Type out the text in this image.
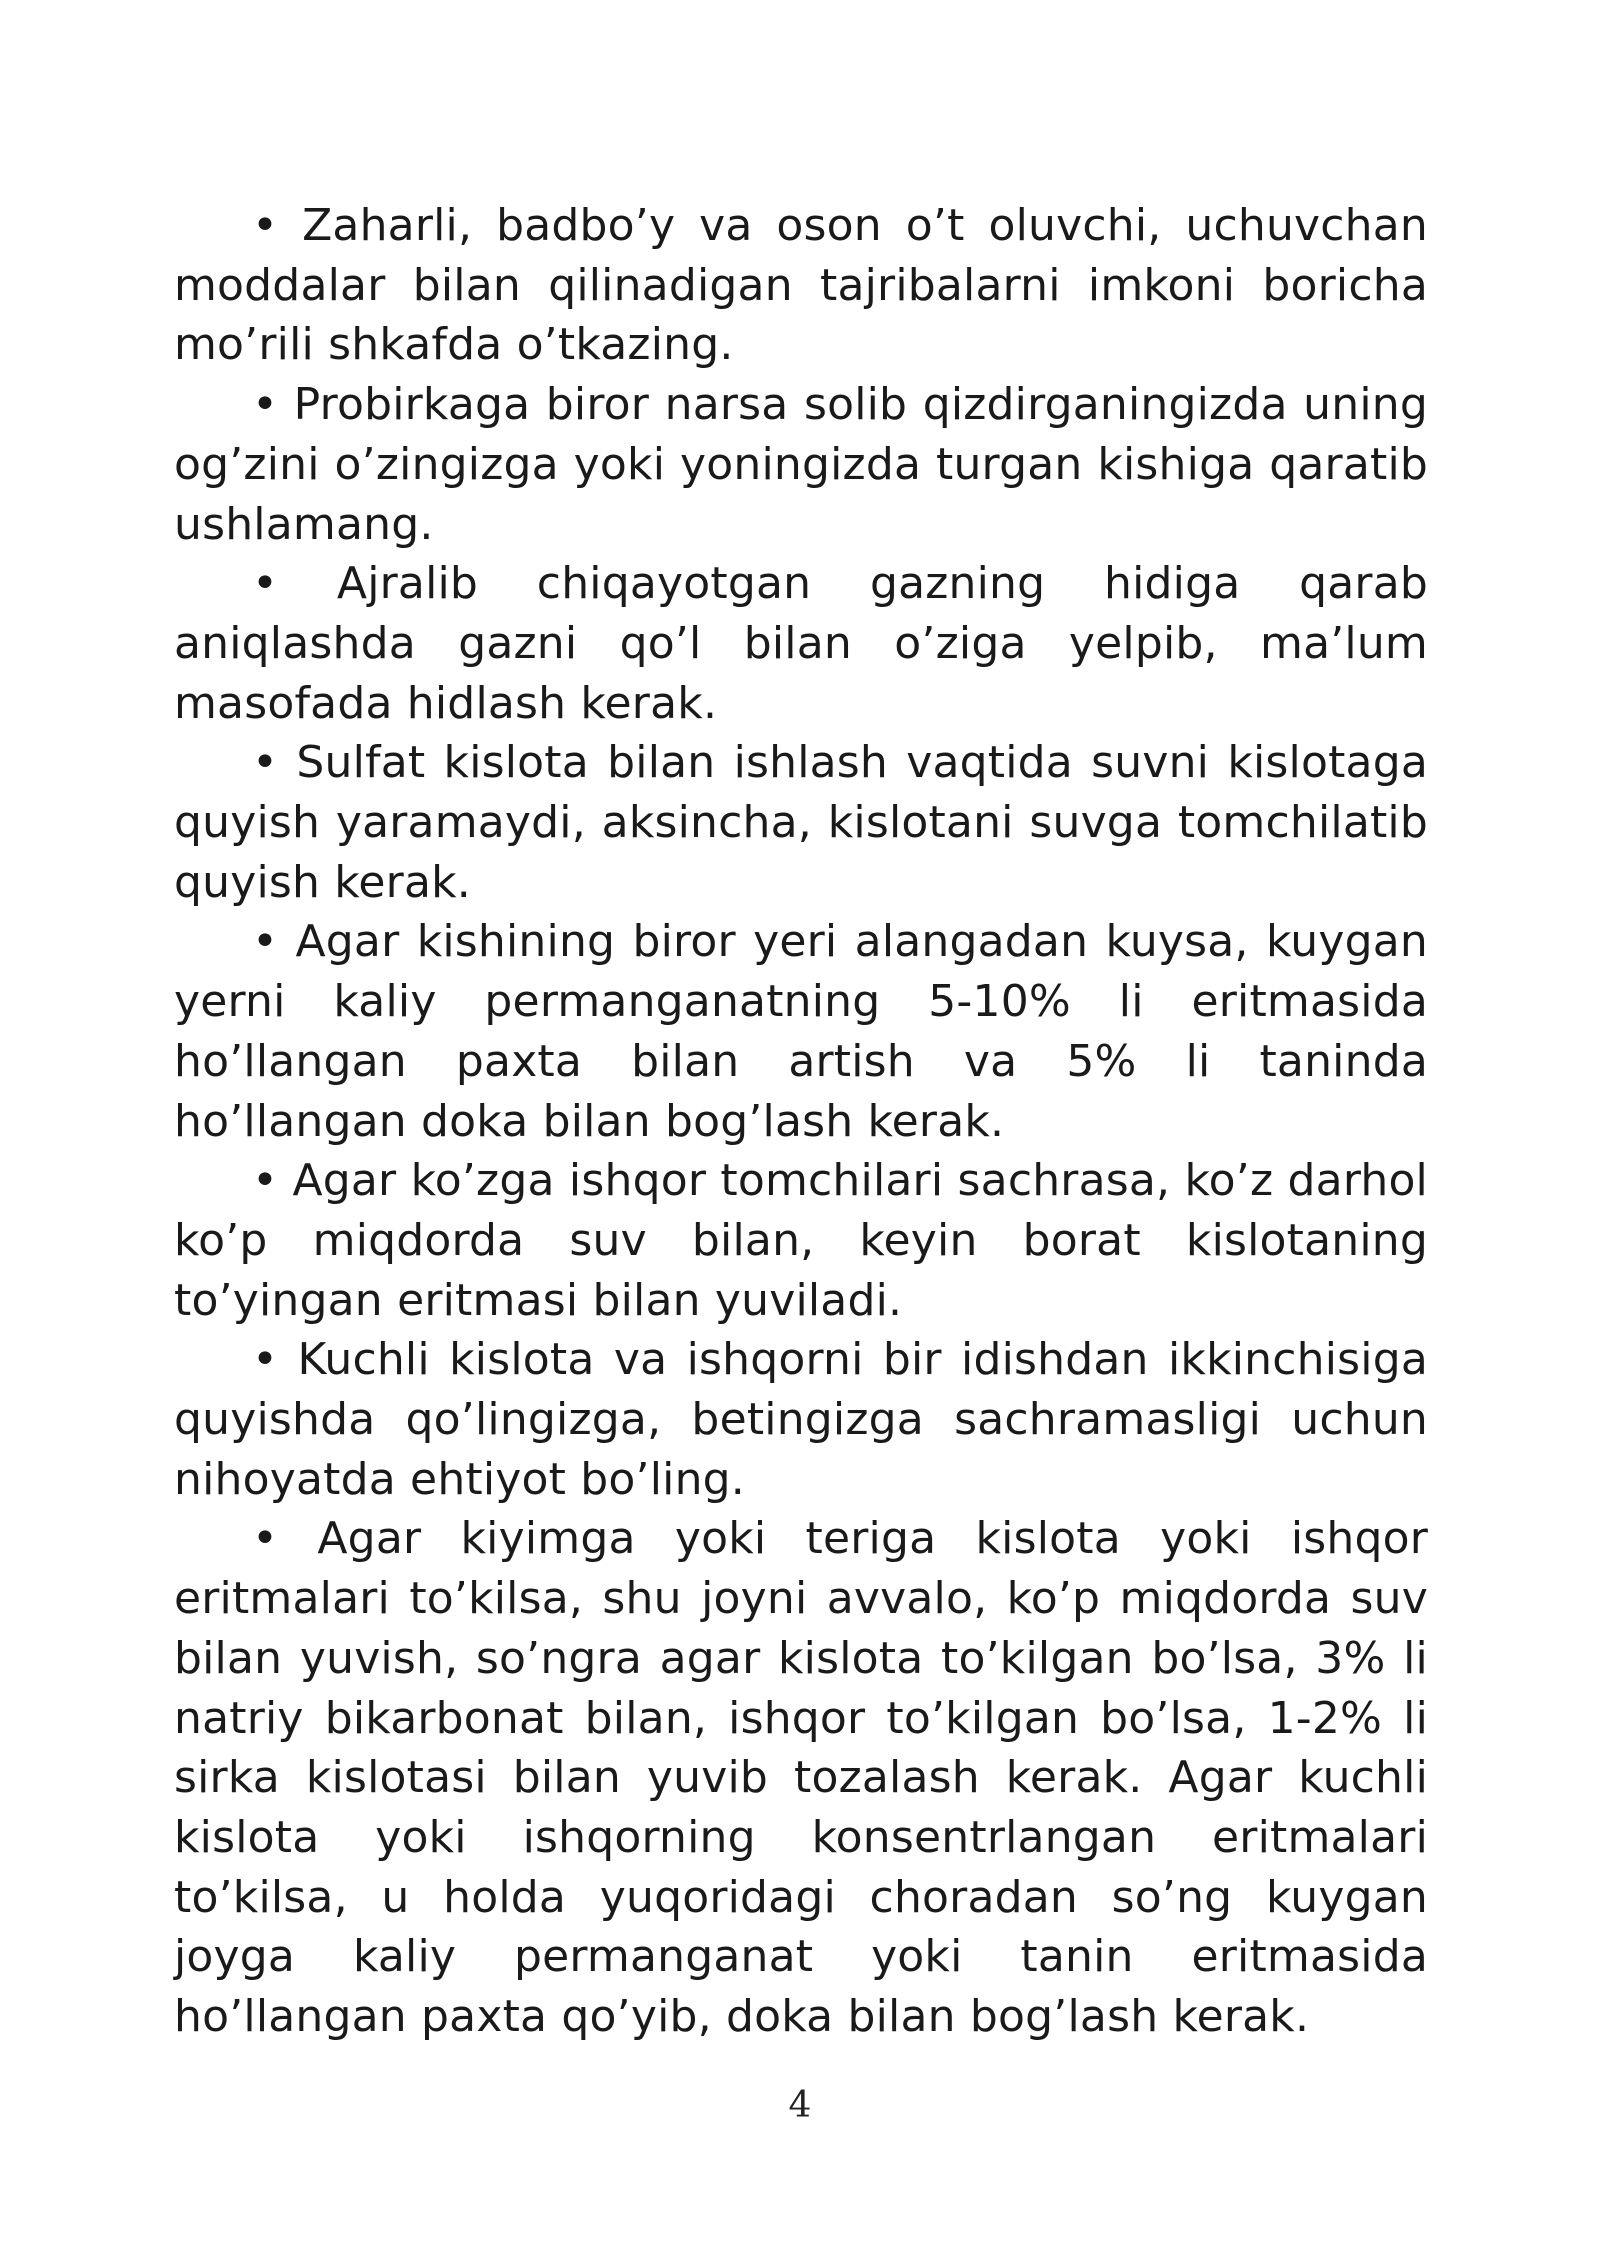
• Zaharli, badbo’y va oson o’t oluvchi, uchuvchan moddalar bilan qilinadigan tajribalarni imkoni boricha mo’rili shkafda o’tkazing.

• Probirkaga biror narsa solib qizdirganingizda uning og’zini o’zingizga yoki yoningizda turgan kishiga qaratib ushlamang.

• Ajralib chiqayotgan gazning hidiga qarab aniqlashda gazni qo’l bilan o’ziga yelpib, ma’lum masofada hidlash kerak.

• Sulfat kislota bilan ishlash vaqtida suvni kislotaga quyish yaramaydi, aksincha, kislotani suvga tomchilatib quyish kerak.

• Agar kishining biror yeri alangadan kuysa, kuygan yerni kaliy permanganatning 5-10% li eritmasida ho’llangan paxta bilan artish va 5% li taninda ho’llangan doka bilan bog’lash kerak.

• Agar ko’zga ishqor tomchilari sachrasa, ko’z darhol ko’p miqdorda suv bilan, keyin borat kislotaning to’yingan eritmasi bilan yuviladi.

• Kuchli kislota va ishqorni bir idishdan ikkinchisiga quyishda qo’lingizga, betingizga sachramasligi uchun nihoyatda ehtiyot bo’ling.

• Agar kiyimga yoki teriga kislota yoki ishqor eritmalari to’kilsa, shu joyni avvalo, ko’p miqdorda suv bilan yuvish, so’ngra agar kislota to’kilgan bo’lsa, 3% li natriy bikarbonat bilan, ishqor to’kilgan bo’lsa, 1-2% li sirka kislotasi bilan yuvib tozalash kerak. Agar kuchli kislota yoki ishqorning konsentrlangan eritmalari to’kilsa, u holda yuqoridagi choradan so’ng kuygan joyga kaliy permanganat yoki tanin eritmasida ho’llangan paxta qo’yib, doka bilan bog’lash kerak.

4
